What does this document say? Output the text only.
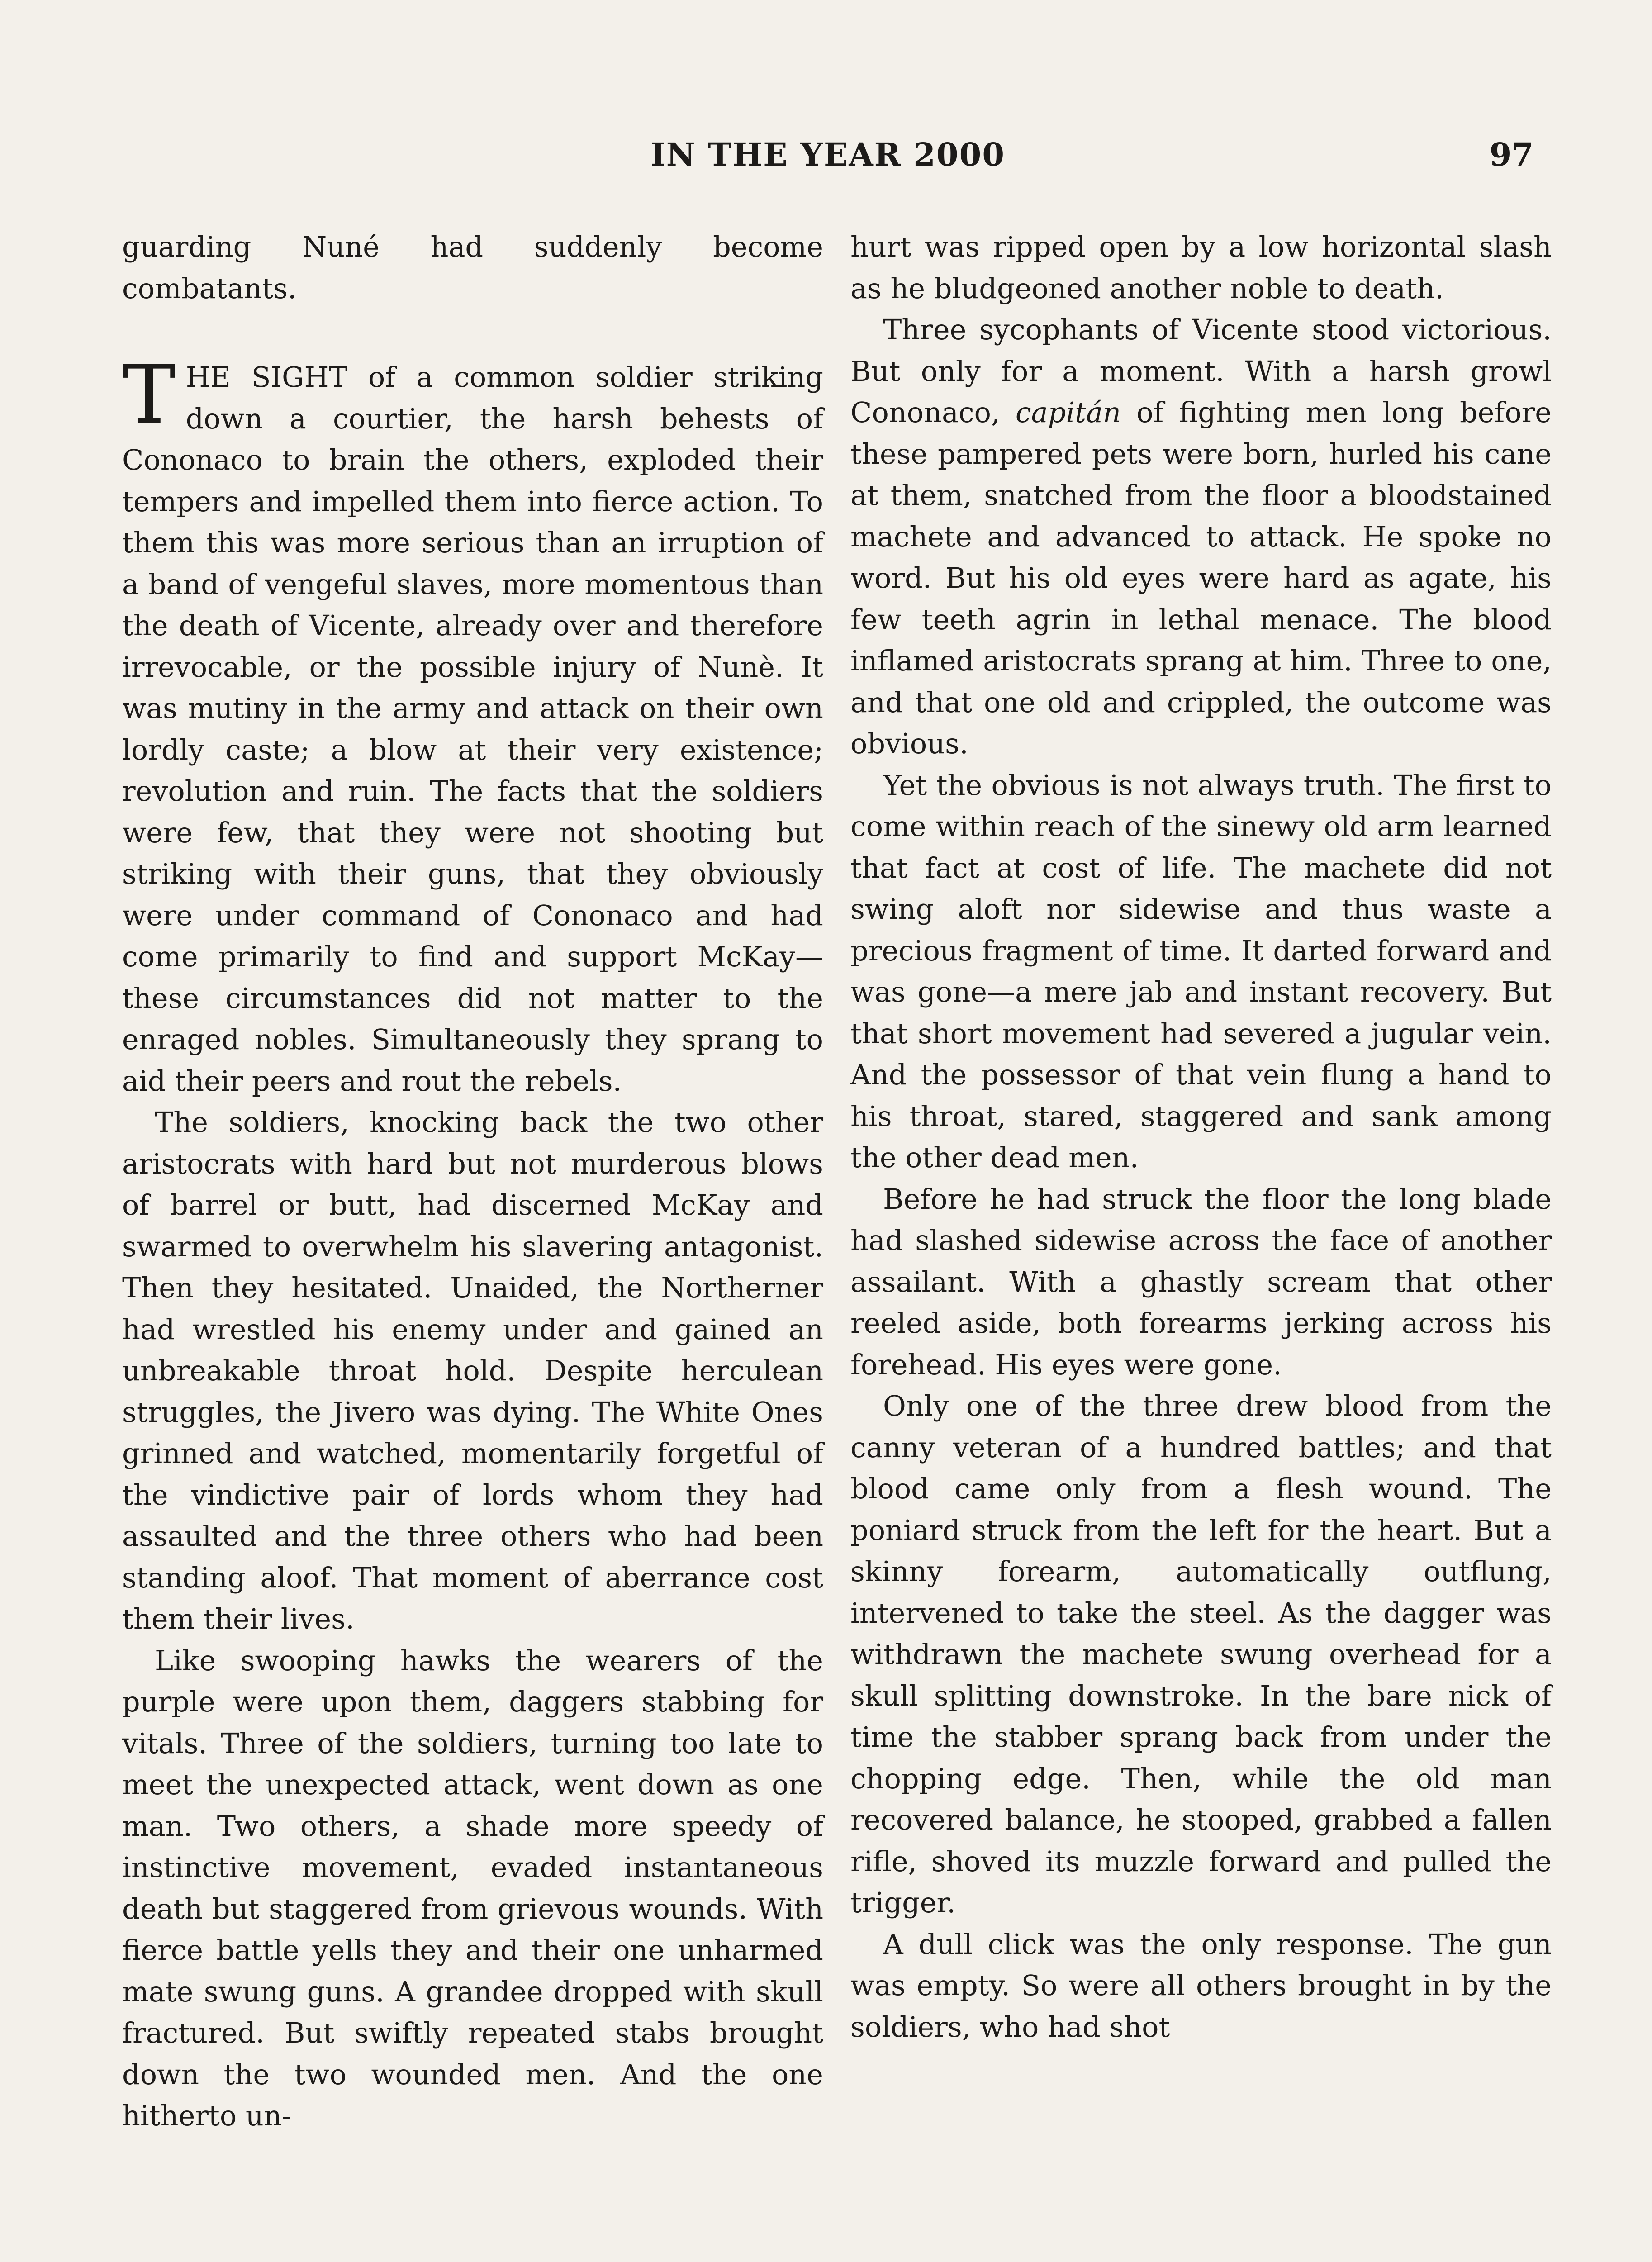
IN THE YEAR 2000	97

guarding Nuné had suddenly become combatants.

THE SIGHT of a common soldier striking down a courtier, the harsh behests of Cononaco to brain the others, exploded their tempers and impelled them into fierce action. To them this was more serious than an irruption of a band of vengeful slaves, more momentous than the death of Vicente, already over and therefore irrevocable, or the possible injury of Nunè. It was mutiny in the army and attack on their own lordly caste; a blow at their very existence; revolution and ruin. The facts that the soldiers were few, that they were not shooting but striking with their guns, that they obviously were under command of Cononaco and had come primarily to find and support McKay—these circumstances did not matter to the enraged nobles. Simultaneously they sprang to aid their peers and rout the rebels.

The soldiers, knocking back the two other aristocrats with hard but not murderous blows of barrel or butt, had discerned McKay and swarmed to overwhelm his slavering antagonist. Then they hesitated. Unaided, the Northerner had wrestled his enemy under and gained an unbreakable throat hold. Despite herculean struggles, the Jivero was dying. The White Ones grinned and watched, momentarily forgetful of the vindictive pair of lords whom they had assaulted and the three others who had been standing aloof. That moment of aberrance cost them their lives.

Like swooping hawks the wearers of the purple were upon them, daggers stabbing for vitals. Three of the soldiers, turning too late to meet the unexpected attack, went down as one man. Two others, a shade more speedy of instinctive movement, evaded instantaneous death but staggered from grievous wounds. With fierce battle yells they and their one unharmed mate swung guns. A grandee dropped with skull fractured. But swiftly repeated stabs brought down the two wounded men. And the one hitherto un-

hurt was ripped open by a low horizontal slash as he bludgeoned another noble to death.

Three sycophants of Vicente stood victorious. But only for a moment. With a harsh growl Cononaco, capitán of fighting men long before these pampered pets were born, hurled his cane at them, snatched from the floor a bloodstained machete and advanced to attack. He spoke no word. But his old eyes were hard as agate, his few teeth agrin in lethal menace. The blood inflamed aristocrats sprang at him. Three to one, and that one old and crippled, the outcome was obvious.

Yet the obvious is not always truth. The first to come within reach of the sinewy old arm learned that fact at cost of life. The machete did not swing aloft nor sidewise and thus waste a precious fragment of time. It darted forward and was gone—a mere jab and instant recovery. But that short movement had severed a jugular vein. And the possessor of that vein flung a hand to his throat, stared, staggered and sank among the other dead men.

Before he had struck the floor the long blade had slashed sidewise across the face of another assailant. With a ghastly scream that other reeled aside, both forearms jerking across his forehead. His eyes were gone.

Only one of the three drew blood from the canny veteran of a hundred battles; and that blood came only from a flesh wound. The poniard struck from the left for the heart. But a skinny forearm, automatically outflung, intervened to take the steel. As the dagger was withdrawn the machete swung overhead for a skull splitting downstroke. In the bare nick of time the stabber sprang back from under the chopping edge. Then, while the old man recovered balance, he stooped, grabbed a fallen rifle, shoved its muzzle forward and pulled the trigger.

A dull click was the only response. The gun was empty. So were all others brought in by the soldiers, who had shot
